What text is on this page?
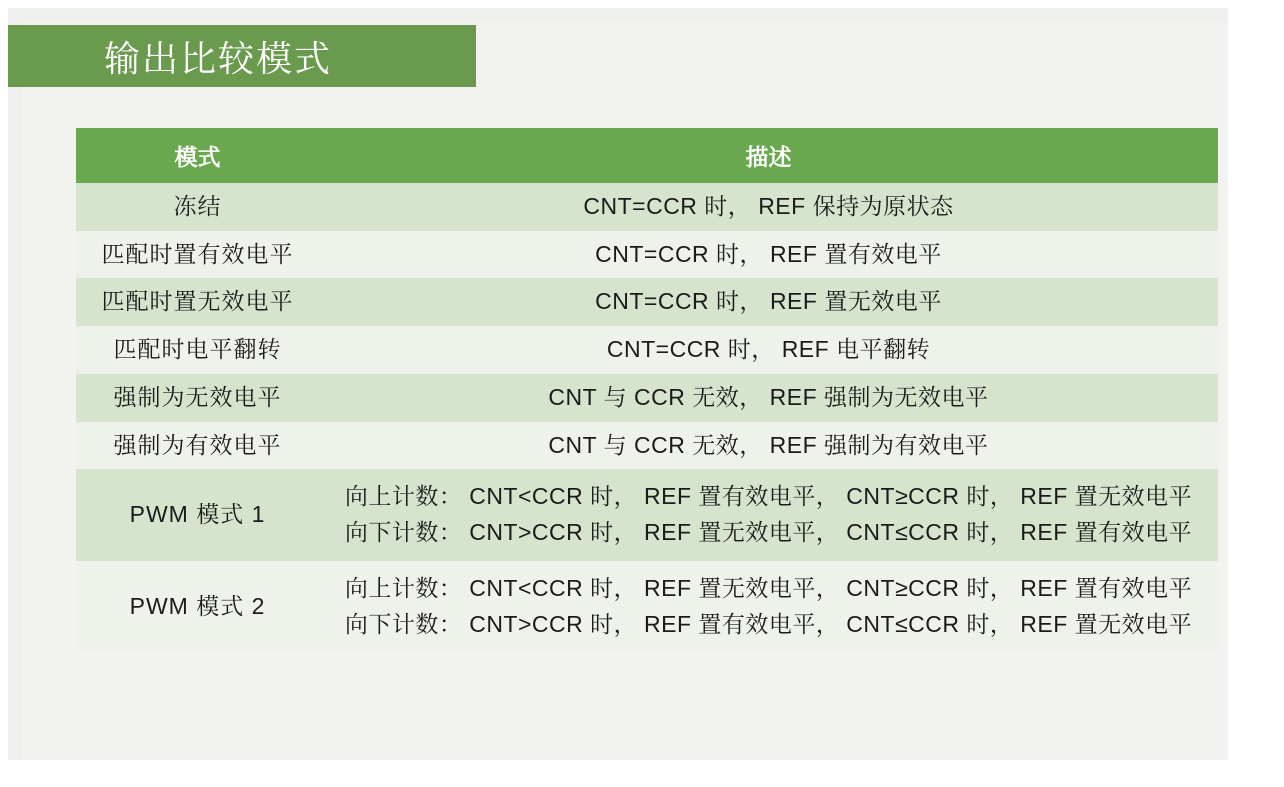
输出比较模式
模式	描述
冻结	CNT=CCR 时， REF 保持为原状态

匹配时置有效电平	CNT=CCR 时， REF 置有效电平

匹配时置无效电平	CNT=CCR 时， REF 置无效电平

匹配时电平翻转	CNT=CCR 时， REF 电平翻转

强制为无效电平	CNT 与 CCR 无效， REF 强制为无效电平

强制为有效电平	CNT 与 CCR 无效， REF 强制为有效电平

PWM 模式 1	向上计数： CNT<CCR 时， REF 置有效电平， CNT≥CCR 时， REF 置无效电平
向下计数： CNT>CCR 时， REF 置无效电平， CNT≤CCR 时， REF 置有效电平

PWM 模式 2	向上计数： CNT<CCR 时， REF 置无效电平， CNT≥CCR 时， REF 置有效电平
向下计数： CNT>CCR 时， REF 置有效电平， CNT≤CCR 时， REF 置无效电平
